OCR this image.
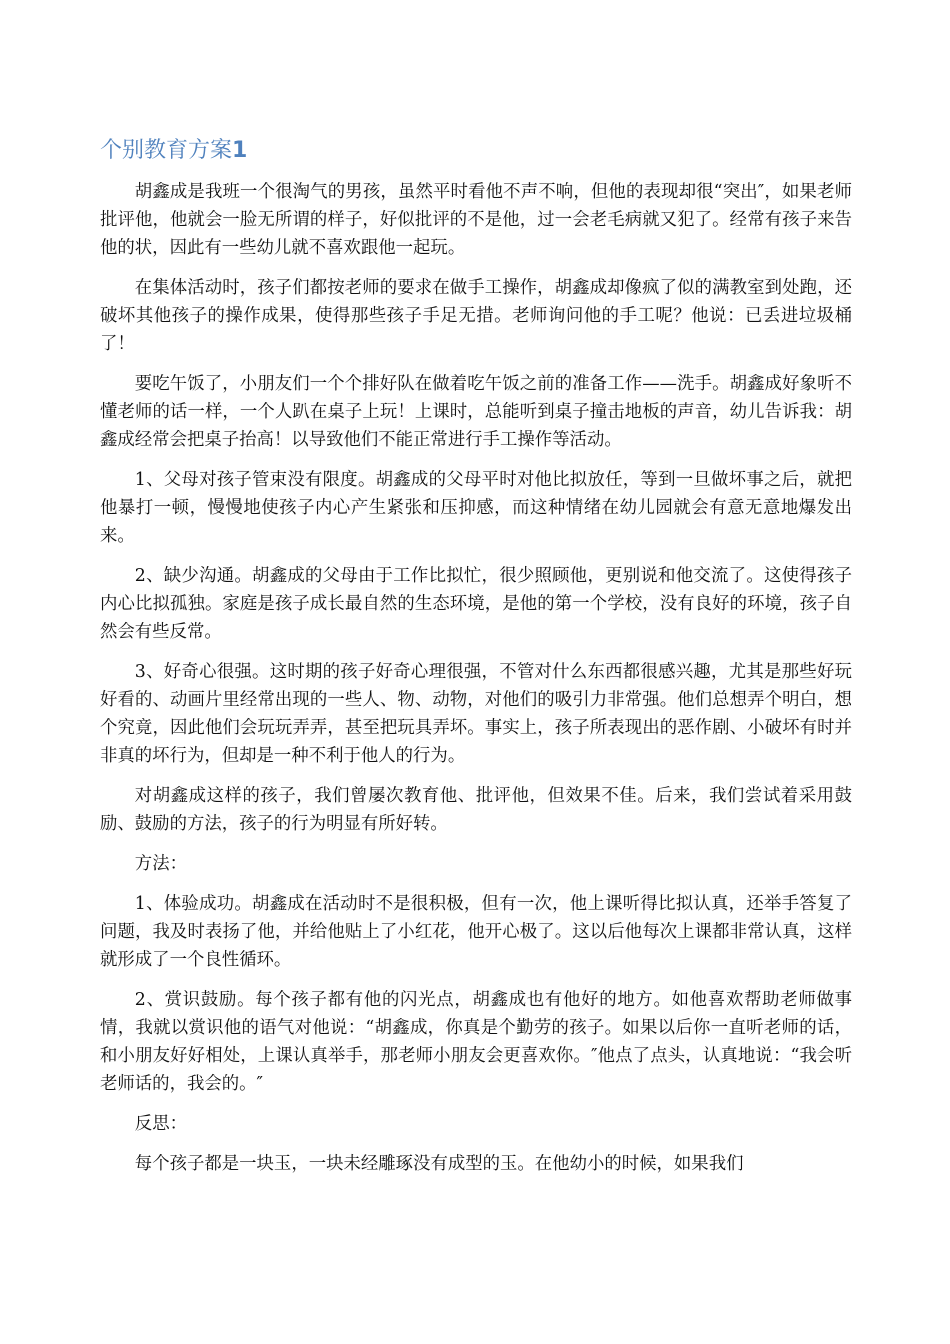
个别教育方案1

胡鑫成是我班一个很淘气的男孩，虽然平时看他不声不响，但他的表现却很“突出″，如果老师批评他，他就会一脸无所谓的样子，好似批评的不是他，过一会老毛病就又犯了。经常有孩子来告他的状，因此有一些幼儿就不喜欢跟他一起玩。

在集体活动时，孩子们都按老师的要求在做手工操作，胡鑫成却像疯了似的满教室到处跑，还破坏其他孩子的操作成果，使得那些孩子手足无措。老师询问他的手工呢？他说：已丢进垃圾桶了！

要吃午饭了，小朋友们一个个排好队在做着吃午饭之前的准备工作——洗手。胡鑫成好象听不懂老师的话一样，一个人趴在桌子上玩！上课时，总能听到桌子撞击地板的声音，幼儿告诉我：胡鑫成经常会把桌子抬高！以导致他们不能正常进行手工操作等活动。

1、父母对孩子管束没有限度。胡鑫成的父母平时对他比拟放任，等到一旦做坏事之后，就把他暴打一顿，慢慢地使孩子内心产生紧张和压抑感，而这种情绪在幼儿园就会有意无意地爆发出来。

2、缺少沟通。胡鑫成的父母由于工作比拟忙，很少照顾他，更别说和他交流了。这使得孩子内心比拟孤独。家庭是孩子成长最自然的生态环境，是他的第一个学校，没有良好的环境，孩子自然会有些反常。

3、好奇心很强。这时期的孩子好奇心理很强，不管对什么东西都很感兴趣，尤其是那些好玩好看的、动画片里经常出现的一些人、物、动物，对他们的吸引力非常强。他们总想弄个明白，想个究竟，因此他们会玩玩弄弄，甚至把玩具弄坏。事实上，孩子所表现出的恶作剧、小破坏有时并非真的坏行为，但却是一种不利于他人的行为。

对胡鑫成这样的孩子，我们曾屡次教育他、批评他，但效果不佳。后来，我们尝试着采用鼓励、鼓励的方法，孩子的行为明显有所好转。

方法：

1、体验成功。胡鑫成在活动时不是很积极，但有一次，他上课听得比拟认真，还举手答复了问题，我及时表扬了他，并给他贴上了小红花，他开心极了。这以后他每次上课都非常认真，这样就形成了一个良性循环。

2、赏识鼓励。每个孩子都有他的闪光点，胡鑫成也有他好的地方。如他喜欢帮助老师做事情，我就以赏识他的语气对他说：“胡鑫成，你真是个勤劳的孩子。如果以后你一直听老师的话，和小朋友好好相处，上课认真举手，那老师小朋友会更喜欢你。″他点了点头，认真地说：“我会听老师话的，我会的。″

反思：

每个孩子都是一块玉，一块未经雕琢没有成型的玉。在他幼小的时候，如果我们
